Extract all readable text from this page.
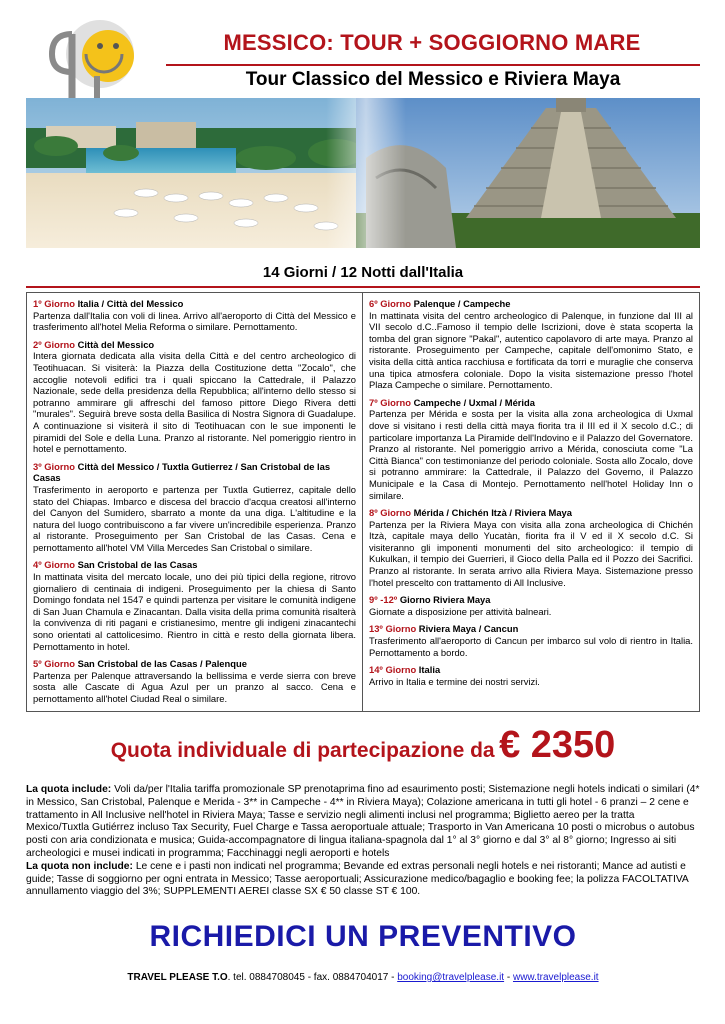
MESSICO: TOUR + SOGGIORNO MARE
Tour Classico del Messico e Riviera Maya
14 Giorni / 12 Notti dall'Italia
1º Giorno Italia / Città del Messico
Partenza dall'Italia con voli di linea. Arrivo all'aeroporto di Città del Messico e trasferimento all'hotel Melia Reforma o similare. Pernottamento.
2º Giorno Città del Messico
Intera giornata dedicata alla visita della Città e del centro archeologico di Teotihuacan. Si visiterà: la Piazza della Costituzione detta "Zocalo", che accoglie notevoli edifici tra i quali spiccano la Cattedrale, il Palazzo Nazionale, sede della presidenza della Repubblica; all'interno dello stesso si potranno ammirare gli affreschi del famoso pittore Diego Rivera detti "murales". Seguirà breve sosta della Basilica di Nostra Signora di Guadalupe. A continuazione si visiterà il sito di Teotihuacan con le sue imponenti le piramidi del Sole e della Luna. Pranzo al ristorante. Nel pomeriggio rientro in hotel e pernottamento.
3º Giorno Città del Messico / Tuxtla Gutierrez / San Cristobal de las Casas
Trasferimento in aeroporto e partenza per Tuxtla Gutierrez, capitale dello stato del Chiapas. Imbarco e discesa del braccio d'acqua creatosi all'interno del Canyon del Sumidero, sbarrato a monte da una diga. L'altitudine e la natura del luogo contribuiscono a far vivere un'incredibile esperienza. Pranzo al ristorante. Proseguimento per San Cristobal de las Casas. Cena e pernottamento all'hotel VM Villa Mercedes San Cristobal o similare.
4º Giorno San Cristobal de las Casas
In mattinata visita del mercato locale, uno dei più tipici della regione, ritrovo giornaliero di centinaia di indigeni. Proseguimento per la chiesa di Santo Domingo fondata nel 1547 e quindi partenza per visitare le comunità indigene di San Juan Chamula e Zinacantan. Dalla visita della prima comunità risalterà la convivenza di riti pagani e cristianesimo, mentre gli indigeni zinacantechi sono orientati al cattolicesimo. Rientro in città e resto della giornata libera. Pernottamento in hotel.
5º Giorno San Cristobal de las Casas / Palenque
Partenza per Palenque attraversando la bellissima e verde sierra con breve sosta alle Cascate di Agua Azul per un pranzo al sacco. Cena e pernottamento all'hotel Ciudad Real o similare.
6º Giorno Palenque / Campeche
In mattinata visita del centro archeologico di Palenque, in funzione dal III al VII secolo d.C..Famoso il tempio delle Iscrizioni, dove è stata scoperta la tomba del gran signore "Pakal", autentico capolavoro di arte maya. Pranzo al ristorante. Proseguimento per Campeche, capitale dell'omonimo Stato, e visita della città antica racchiusa e fortificata da torri e muraglie che conserva una tipica atmosfera coloniale. Dopo la visita sistemazione presso l'hotel Plaza Campeche o similare. Pernottamento.
7º Giorno Campeche / Uxmal / Mérida
Partenza per Mérida e sosta per la visita alla zona archeologica di Uxmal dove si visitano i resti della città maya fiorita tra il III ed il X secolo d.C.; di particolare importanza La Piramide dell'Indovino e il Palazzo del Governatore. Pranzo al ristorante. Nel pomeriggio arrivo a Mérida, conosciuta come "La Città Bianca" con testimonianze del periodo coloniale. Sosta allo Zocalo, dove si potranno ammirare: la Cattedrale, il Palazzo del Governo, il Palazzo Municipale e la Casa di Montejo. Pernottamento nell'hotel Holiday Inn o similare.
8º Giorno Mérida / Chichén Itzà / Riviera Maya
Partenza per la Riviera Maya con visita alla zona archeologica di Chichén Itzà, capitale maya dello Yucatàn, fiorita fra il V ed il X secolo d.C. Si visiteranno gli imponenti monumenti del sito archeologico: il tempio di Kukulkan, il tempio dei Guerrieri, il Gioco della Palla ed il Pozzo dei Sacrifici. Pranzo al ristorante. In serata arrivo alla Riviera Maya. Sistemazione presso l'hotel prescelto con trattamento di All Inclusive.
9º -12º Giorno Riviera Maya
Giornate a disposizione per attività balneari.
13º Giorno Riviera Maya / Cancun
Trasferimento all'aeroporto di Cancun per imbarco sul volo di rientro in Italia. Pernottamento a bordo.
14º Giorno Italia
Arrivo in Italia e termine dei nostri servizi.
Quota individuale di partecipazione da € 2350
La quota include: Voli da/per l'Italia tariffa promozionale SP prenotaprima fino ad esaurimento posti; Sistemazione negli hotels indicati o similari (4* in Messico, San Cristobal, Palenque e Merida - 3** in Campeche - 4** in Riviera Maya); Colazione americana in tutti gli hotel - 6 pranzi – 2 cene e trattamento in All Inclusive nell'hotel in Riviera Maya; Tasse e servizio negli alimenti inclusi nel programma; Biglietto aereo per la tratta Mexico/Tuxtla Gutiérrez incluso Tax Security, Fuel Charge e Tassa aeroportuale attuale; Trasporto in Van Americana 10 posti o microbus o autobus posti con aria condizionata e musica; Guida-accompagnatore di lingua italiana-spagnola dal 1° al 3° giorno e dal 3° al 8° giorno; Ingresso ai siti archeologici e musei indicati in programma; Facchinaggi negli aeroporti e hotels
La quota non include: Le cene e i pasti non indicati nel programma; Bevande ed extras personali negli hotels e nei ristoranti; Mance ad autisti e guide; Tasse di soggiorno per ogni entrata in Messico; Tasse aeroportuali; Assicurazione medico/bagaglio e booking fee; la polizza FACOLTATIVA annullamento viaggio del 3%; SUPPLEMENTI AEREI classe SX € 50 classe ST € 100.
RICHIEDICI UN PREVENTIVO
TRAVEL PLEASE T.O. tel. 0884708045 - fax. 0884704017 - booking@travelplease.it - www.travelplease.it
